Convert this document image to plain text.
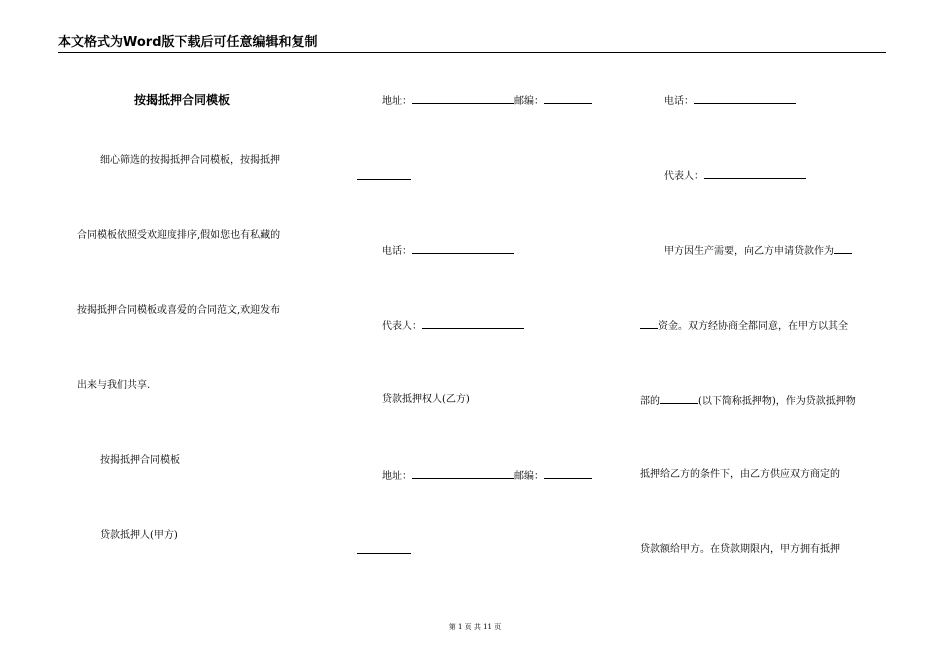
本文格式为Word版下载后可任意编辑和复制
按揭抵押合同模板
细心筛选的按揭抵押合同模板，按揭抵押
合同模板依照受欢迎度排序,假如您也有私藏的
按揭抵押合同模板或喜爱的合同范文,欢迎发布
出来与我们共享.
按揭抵押合同模板
贷款抵押人(甲方)
地址：	邮编：
电话：
代表人：
贷款抵押权人(乙方)
地址：	邮编：
电话：
代表人：
甲方因生产需要，向乙方申请贷款作为
资金。双方经协商全都同意，在甲方以其全
部的	(以下简称抵押物)，作为贷款抵押物
抵押给乙方的条件下，由乙方供应双方商定的
贷款额给甲方。在贷款期限内，甲方拥有抵押
第 1 页 共 11 页
